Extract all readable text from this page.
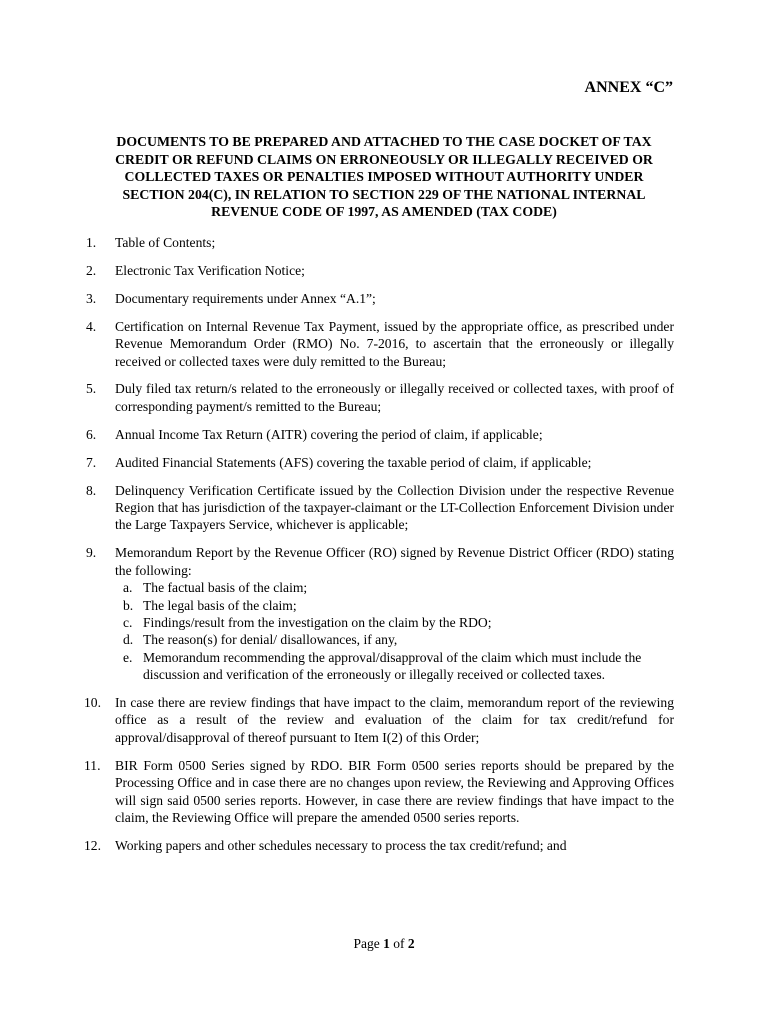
ANNEX “C”
DOCUMENTS TO BE PREPARED AND ATTACHED TO THE CASE DOCKET OF TAX CREDIT OR REFUND CLAIMS ON ERRONEOUSLY OR ILLEGALLY RECEIVED OR COLLECTED TAXES OR PENALTIES IMPOSED WITHOUT AUTHORITY UNDER SECTION 204(C), IN RELATION TO SECTION 229 OF THE NATIONAL INTERNAL REVENUE CODE OF 1997, AS AMENDED (TAX CODE)
1. Table of Contents;
2. Electronic Tax Verification Notice;
3. Documentary requirements under Annex “A.1”;
4. Certification on Internal Revenue Tax Payment, issued by the appropriate office, as prescribed under Revenue Memorandum Order (RMO) No. 7-2016, to ascertain that the erroneously or illegally received or collected taxes were duly remitted to the Bureau;
5. Duly filed tax return/s related to the erroneously or illegally received or collected taxes, with proof of corresponding payment/s remitted to the Bureau;
6. Annual Income Tax Return (AITR) covering the period of claim, if applicable;
7. Audited Financial Statements (AFS) covering the taxable period of claim, if applicable;
8. Delinquency Verification Certificate issued by the Collection Division under the respective Revenue Region that has jurisdiction of the taxpayer-claimant or the LT-Collection Enforcement Division under the Large Taxpayers Service, whichever is applicable;
9. Memorandum Report by the Revenue Officer (RO) signed by Revenue District Officer (RDO) stating the following:
a. The factual basis of the claim;
b. The legal basis of the claim;
c. Findings/result from the investigation on the claim by the RDO;
d. The reason(s) for denial/ disallowances, if any,
e. Memorandum recommending the approval/disapproval of the claim which must include the discussion and verification of the erroneously or illegally received or collected taxes.
10. In case there are review findings that have impact to the claim, memorandum report of the reviewing office as a result of the review and evaluation of the claim for tax credit/refund for approval/disapproval of thereof pursuant to Item I(2) of this Order;
11. BIR Form 0500 Series signed by RDO. BIR Form 0500 series reports should be prepared by the Processing Office and in case there are no changes upon review, the Reviewing and Approving Offices will sign said 0500 series reports. However, in case there are review findings that have impact to the claim, the Reviewing Office will prepare the amended 0500 series reports.
12. Working papers and other schedules necessary to process the tax credit/refund; and
Page 1 of 2
